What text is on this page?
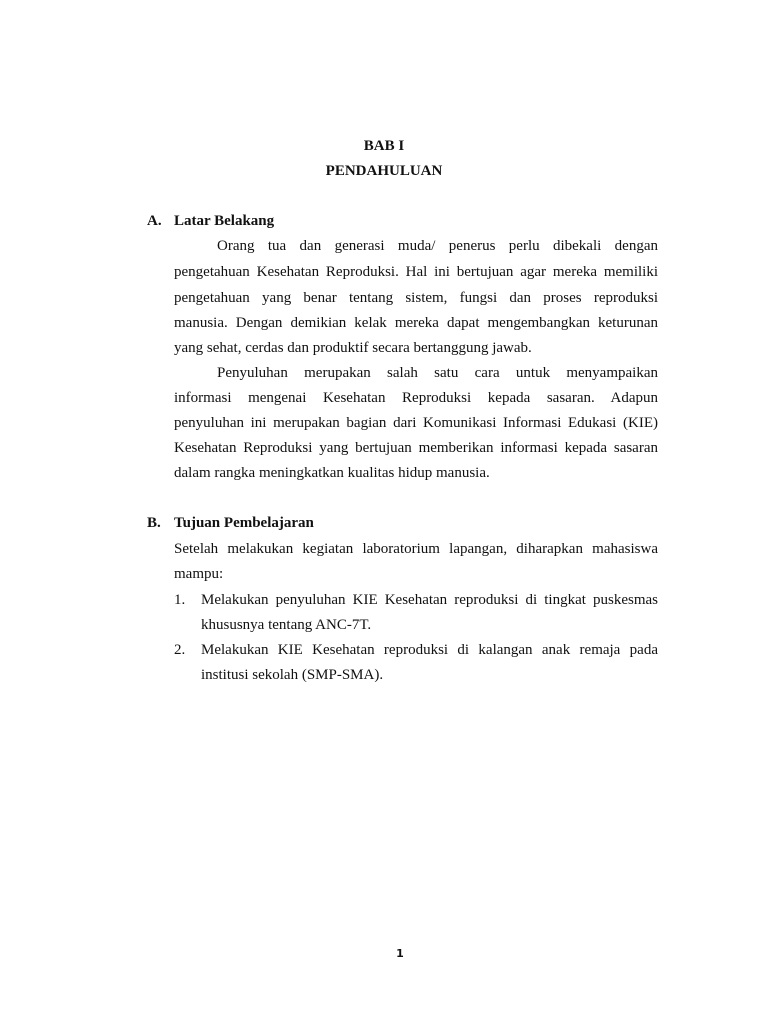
BAB I
PENDAHULUAN
A. Latar Belakang
Orang tua dan generasi muda/ penerus perlu dibekali dengan
pengetahuan Kesehatan Reproduksi. Hal ini bertujuan agar mereka memiliki
pengetahuan yang benar tentang sistem, fungsi dan proses reproduksi
manusia. Dengan demikian kelak mereka dapat mengembangkan keturunan
yang sehat, cerdas dan produktif secara bertanggung jawab.
Penyuluhan merupakan salah satu cara untuk menyampaikan
informasi mengenai Kesehatan Reproduksi kepada sasaran. Adapun
penyuluhan ini merupakan bagian dari Komunikasi Informasi Edukasi (KIE)
Kesehatan Reproduksi yang bertujuan memberikan informasi kepada sasaran
dalam rangka meningkatkan kualitas hidup manusia.
B. Tujuan Pembelajaran
Setelah melakukan kegiatan laboratorium lapangan, diharapkan mahasiswa
mampu:
1. Melakukan penyuluhan KIE Kesehatan reproduksi di tingkat puskesmas
khususnya tentang ANC-7T.
2. Melakukan KIE Kesehatan reproduksi di kalangan anak remaja pada
institusi sekolah (SMP-SMA).
1
